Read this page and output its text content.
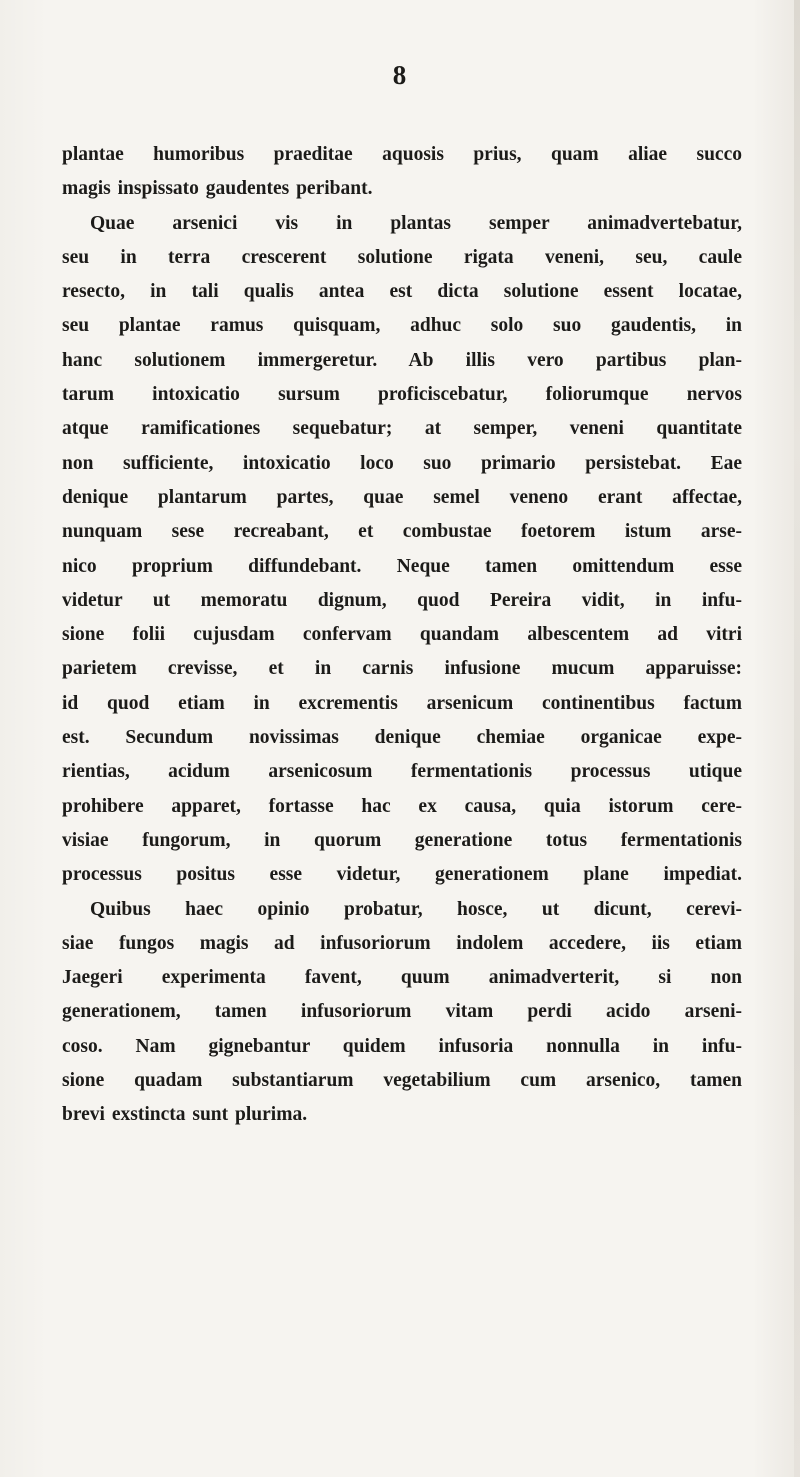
8
plantae humoribus praeditae aquosis prius, quam aliae succo
magis inspissato gaudentes peribant.
Quae arsenici vis in plantas semper animadvertebatur,
seu in terra crescerent solutione rigata veneni, seu, caule
resecto, in tali qualis antea est dicta solutione essent locatae,
seu plantae ramus quisquam, adhuc solo suo gaudentis, in
hanc solutionem immergeretur. Ab illis vero partibus plan-
tarum intoxicatio sursum proficiscebatur, foliorumque nervos
atque ramificationes sequebatur; at semper, veneni quantitate
non sufficiente, intoxicatio loco suo primario persistebat. Eae
denique plantarum partes, quae semel veneno erant affectae,
nunquam sese recreabant, et combustae foetorem istum arse-
nico proprium diffundebant. Neque tamen omittendum esse
videtur ut memoratu dignum, quod Pereira vidit, in infu-
sione folii cujusdam confervam quandam albescentem ad vitri
parietem crevisse, et in carnis infusione mucum apparuisse:
id quod etiam in excrementis arsenicum continentibus factum
est. Secundum novissimas denique chemiae organicae expe-
rientias, acidum arsenicosum fermentationis processus utique
prohibere apparet, fortasse hac ex causa, quia istorum cere-
visiae fungorum, in quorum generatione totus fermentationis
processus positus esse videtur, generationem plane impediat.
Quibus haec opinio probatur, hosce, ut dicunt, cerevi-
siae fungos magis ad infusoriorum indolem accedere, iis etiam
Jaegeri experimenta favent, quum animadverterit, si non
generationem, tamen infusoriorum vitam perdi acido arseni-
coso. Nam gignebantur quidem infusoria nonnulla in infu-
sione quadam substantiarum vegetabilium cum arsenico, tamen
brevi exstincta sunt plurima.
